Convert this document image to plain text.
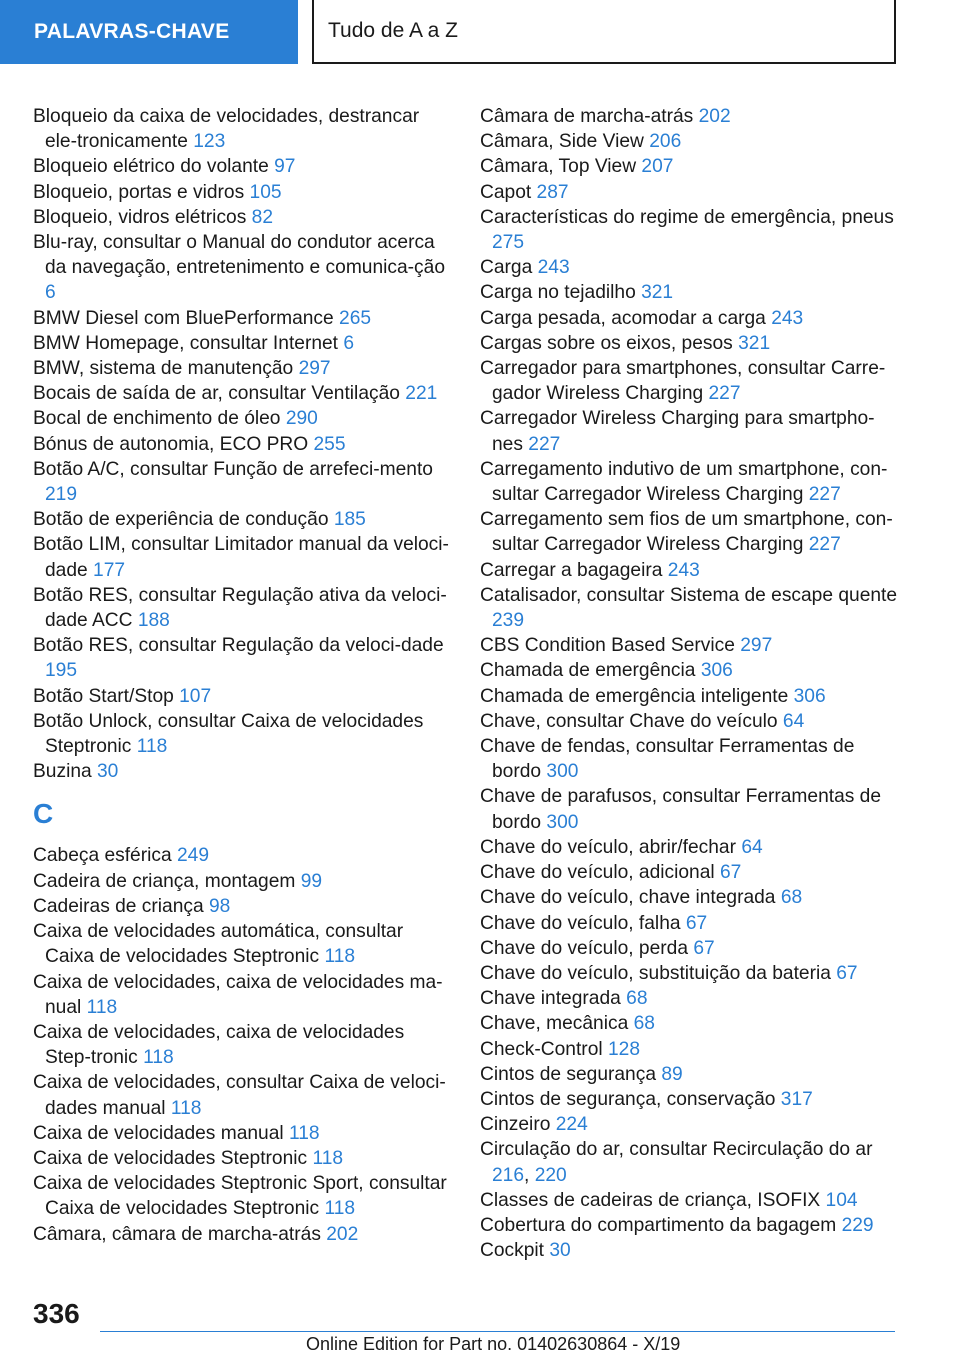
PALAVRAS-CHAVE	Tudo de A a Z
Bloqueio da caixa de velocidades, destrancar ele-tronicamente 123
Bloqueio elétrico do volante 97
Bloqueio, portas e vidros 105
Bloqueio, vidros elétricos 82
Blu-ray, consultar o Manual do condutor acerca da navegação, entretenimento e comunica-ção 6
BMW Diesel com BluePerformance 265
BMW Homepage, consultar Internet 6
BMW, sistema de manutenção 297
Bocais de saída de ar, consultar Ventilação 221
Bocal de enchimento de óleo 290
Bónus de autonomia, ECO PRO 255
Botão A/C, consultar Função de arrefeci-mento 219
Botão de experiência de condução 185
Botão LIM, consultar Limitador manual da veloci-dade 177
Botão RES, consultar Regulação ativa da veloci-dade ACC 188
Botão RES, consultar Regulação da veloci-dade 195
Botão Start/Stop 107
Botão Unlock, consultar Caixa de velocidades Steptronic 118
Buzina 30
C
Cabeça esférica 249
Cadeira de criança, montagem 99
Cadeiras de criança 98
Caixa de velocidades automática, consultar Caixa de velocidades Steptronic 118
Caixa de velocidades, caixa de velocidades ma-nual 118
Caixa de velocidades, caixa de velocidades Step-tronic 118
Caixa de velocidades, consultar Caixa de veloci-dades manual 118
Caixa de velocidades manual 118
Caixa de velocidades Steptronic 118
Caixa de velocidades Steptronic Sport, consultar Caixa de velocidades Steptronic 118
Câmara, câmara de marcha-atrás 202
Câmara de marcha-atrás 202
Câmara, Side View 206
Câmara, Top View 207
Capot 287
Características do regime de emergência, pneus 275
Carga 243
Carga no tejadilho 321
Carga pesada, acomodar a carga 243
Cargas sobre os eixos, pesos 321
Carregador para smartphones, consultar Carre-gador Wireless Charging 227
Carregador Wireless Charging para smartpho-nes 227
Carregamento indutivo de um smartphone, con-sultar Carregador Wireless Charging 227
Carregamento sem fios de um smartphone, con-sultar Carregador Wireless Charging 227
Carregar a bagageira 243
Catalisador, consultar Sistema de escape quente 239
CBS Condition Based Service 297
Chamada de emergência 306
Chamada de emergência inteligente 306
Chave, consultar Chave do veículo 64
Chave de fendas, consultar Ferramentas de bordo 300
Chave de parafusos, consultar Ferramentas de bordo 300
Chave do veículo, abrir/fechar 64
Chave do veículo, adicional 67
Chave do veículo, chave integrada 68
Chave do veículo, falha 67
Chave do veículo, perda 67
Chave do veículo, substituição da bateria 67
Chave integrada 68
Chave, mecânica 68
Check-Control 128
Cintos de segurança 89
Cintos de segurança, conservação 317
Cinzeiro 224
Circulação do ar, consultar Recirculação do ar 216, 220
Classes de cadeiras de criança, ISOFIX 104
Cobertura do compartimento da bagagem 229
Cockpit 30
336
Online Edition for Part no. 01402630864 - X/19
